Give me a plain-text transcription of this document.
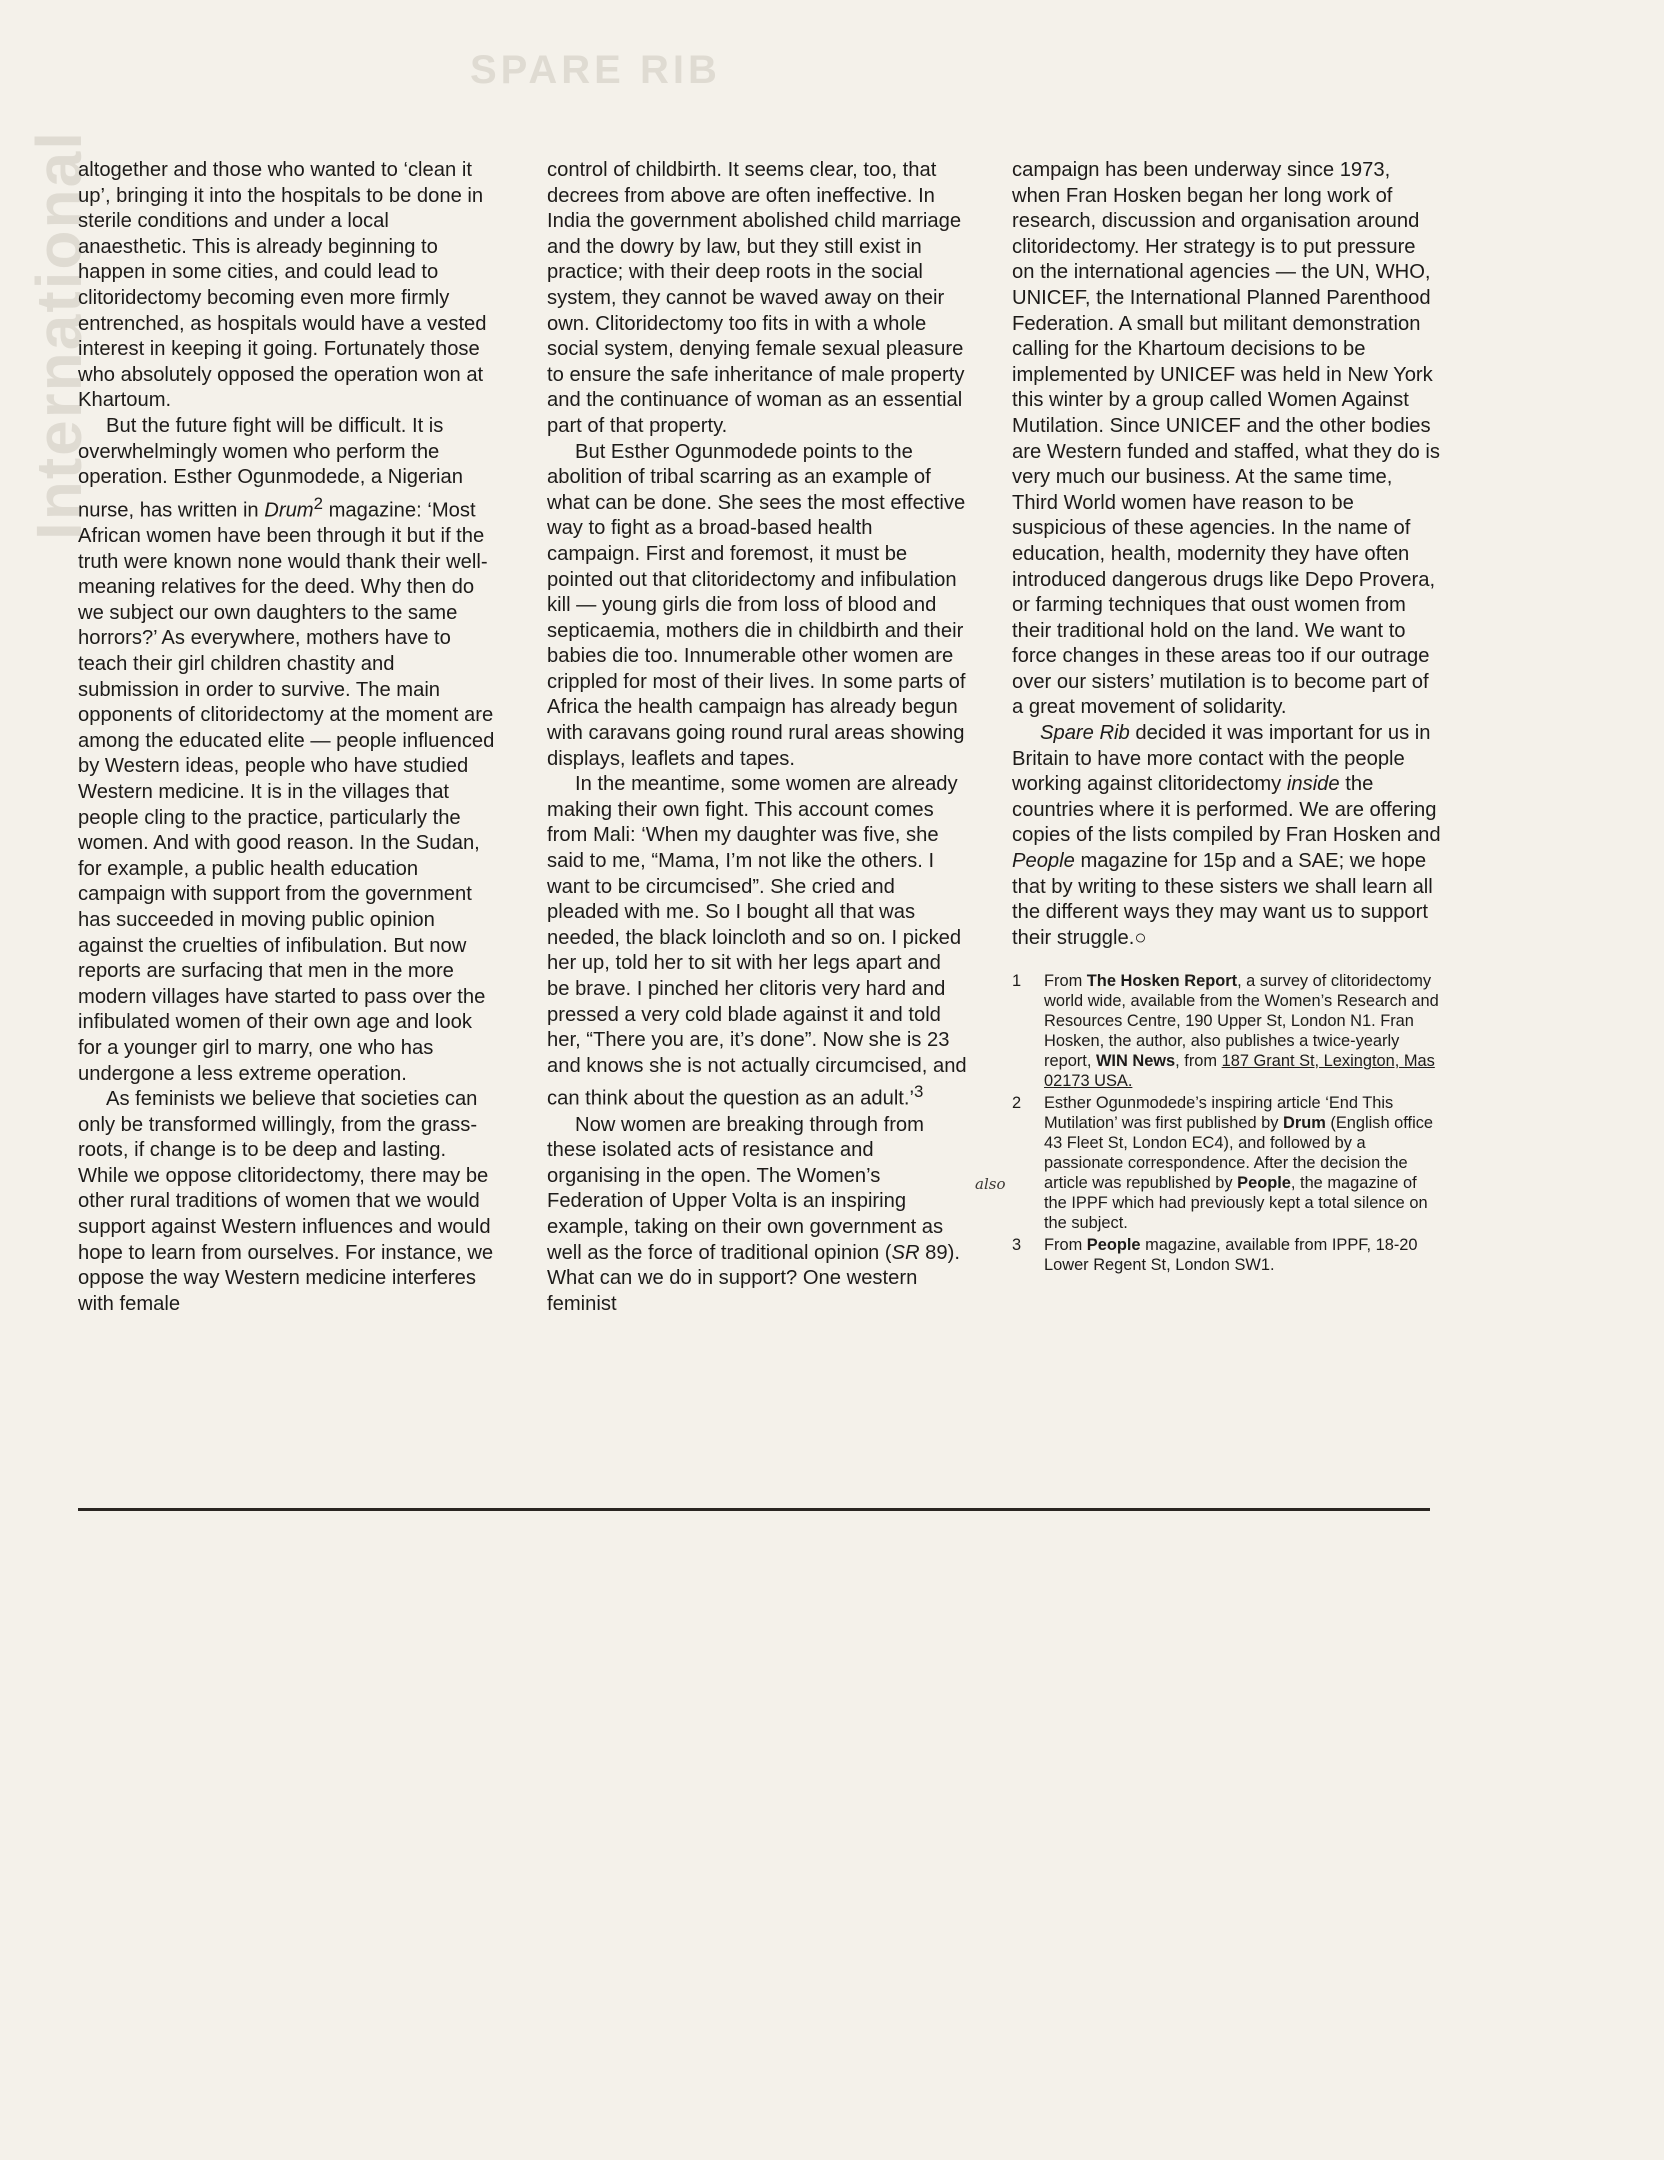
International
SPARE RIB

altogether and those who wanted to ‘clean it up’, bringing it into the hospitals to be done in sterile conditions and under a local anaesthetic. This is already beginning to happen in some cities, and could lead to clitoridectomy becoming even more firmly entrenched, as hospitals would have a vested interest in keeping it going. Fortunately those who absolutely opposed the operation won at Khartoum.

But the future fight will be difficult. It is overwhelmingly women who perform the operation. Esther Ogunmodede, a Nigerian nurse, has written in Drum$^2$ magazine: ‘Most African women have been through it but if the truth were known none would thank their well-meaning relatives for the deed. Why then do we subject our own daughters to the same horrors?’ As everywhere, mothers have to teach their girl children chastity and submission in order to survive. The main opponents of clitoridectomy at the moment are among the educated elite — people influenced by Western ideas, people who have studied Western medicine. It is in the villages that people cling to the practice, particularly the women. And with good reason. In the Sudan, for example, a public health education campaign with support from the government has succeeded in moving public opinion against the cruelties of infibulation. But now reports are surfacing that men in the more modern villages have started to pass over the infibulated women of their own age and look for a younger girl to marry, one who has undergone a less extreme operation.

As feminists we believe that societies can only be transformed willingly, from the grass-roots, if change is to be deep and lasting. While we oppose clitoridectomy, there may be other rural traditions of women that we would support against Western influences and would hope to learn from ourselves. For instance, we oppose the way Western medicine interferes with female

control of childbirth. It seems clear, too, that decrees from above are often ineffective. In India the government abolished child marriage and the dowry by law, but they still exist in practice; with their deep roots in the social system, they cannot be waved away on their own. Clitoridectomy too fits in with a whole social system, denying female sexual pleasure to ensure the safe inheritance of male property and the continuance of woman as an essential part of that property.

But Esther Ogunmodede points to the abolition of tribal scarring as an example of what can be done. She sees the most effective way to fight as a broad-based health campaign. First and foremost, it must be pointed out that clitoridectomy and infibulation kill — young girls die from loss of blood and septicaemia, mothers die in childbirth and their babies die too. Innumerable other women are crippled for most of their lives. In some parts of Africa the health campaign has already begun with caravans going round rural areas showing displays, leaflets and tapes.

In the meantime, some women are already making their own fight. This account comes from Mali: ‘When my daughter was five, she said to me, “Mama, I’m not like the others. I want to be circumcised”. She cried and pleaded with me. So I bought all that was needed, the black loincloth and so on. I picked her up, told her to sit with her legs apart and be brave. I pinched her clitoris very hard and pressed a very cold blade against it and told her, “There you are, it’s done”. Now she is 23 and knows she is not actually circumcised, and can think about the question as an adult.’$^3$

Now women are breaking through from these isolated acts of resistance and organising in the open. The Women’s Federation of Upper Volta is an inspiring example, taking on their own government as well as the force of traditional opinion (SR 89). What can we do in support? One western feminist

campaign has been underway since 1973, when Fran Hosken began her long work of research, discussion and organisation around clitoridectomy. Her strategy is to put pressure on the international agencies — the UN, WHO, UNICEF, the International Planned Parenthood Federation. A small but militant demonstration calling for the Khartoum decisions to be implemented by UNICEF was held in New York this winter by a group called Women Against Mutilation. Since UNICEF and the other bodies are Western funded and staffed, what they do is very much our business. At the same time, Third World women have reason to be suspicious of these agencies. In the name of education, health, modernity they have often introduced dangerous drugs like Depo Provera, or farming techniques that oust women from their traditional hold on the land. We want to force changes in these areas too if our outrage over our sisters’ mutilation is to become part of a great movement of solidarity.

Spare Rib decided it was important for us in Britain to have more contact with the people working against clitoridectomy inside the countries where it is performed. We are offering copies of the lists compiled by Fran Hosken and People magazine for 15p and a SAE; we hope that by writing to these sisters we shall learn all the different ways they may want us to support their struggle.○

1	From The Hosken Report, a survey of clitoridectomy world wide, available from the Women’s Research and Resources Centre, 190 Upper St, London N1. Fran Hosken, the author, also publishes a twice-yearly report, WIN News, from 187 Grant St, Lexington, Mas 02173 USA.
2	Esther Ogunmodede’s inspiring article ‘End This Mutilation’ was first published by Drum (English office 43 Fleet St, London EC4), and followed by a passionate correspondence. After the decision the article was republished by People, the magazine of the IPPF which had previously kept a total silence on the subject.
3	From People magazine, available from IPPF, 18-20 Lower Regent St, London SW1.
also
